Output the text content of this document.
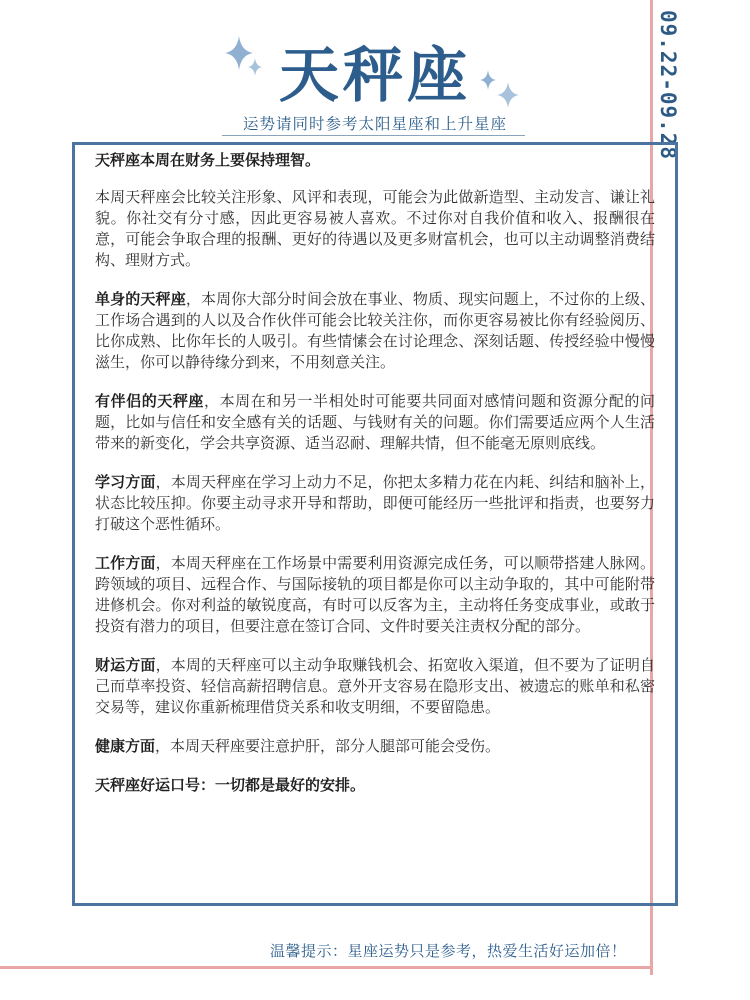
09.22-09.28
天秤座
运势请同时参考太阳星座和上升星座

天秤座本周在财务上要保持理智。

本周天秤座会比较关注形象、风评和表现，可能会为此做新造型、主动发言、谦让礼貌。你社交有分寸感，因此更容易被人喜欢。不过你对自我价值和收入、报酬很在意，可能会争取合理的报酬、更好的待遇以及更多财富机会，也可以主动调整消费结构、理财方式。

单身的天秤座，本周你大部分时间会放在事业、物质、现实问题上，不过你的上级、工作场合遇到的人以及合作伙伴可能会比较关注你，而你更容易被比你有经验阅历、比你成熟、比你年长的人吸引。有些情愫会在讨论理念、深刻话题、传授经验中慢慢滋生，你可以静待缘分到来，不用刻意关注。

有伴侣的天秤座，本周在和另一半相处时可能要共同面对感情问题和资源分配的问题，比如与信任和安全感有关的话题、与钱财有关的问题。你们需要适应两个人生活带来的新变化，学会共享资源、适当忍耐、理解共情，但不能毫无原则底线。

学习方面，本周天秤座在学习上动力不足，你把太多精力花在内耗、纠结和脑补上，状态比较压抑。你要主动寻求开导和帮助，即便可能经历一些批评和指责，也要努力打破这个恶性循环。

工作方面，本周天秤座在工作场景中需要利用资源完成任务，可以顺带搭建人脉网。跨领域的项目、远程合作、与国际接轨的项目都是你可以主动争取的，其中可能附带进修机会。你对利益的敏锐度高，有时可以反客为主，主动将任务变成事业，或敢于投资有潜力的项目，但要注意在签订合同、文件时要关注责权分配的部分。

财运方面，本周的天秤座可以主动争取赚钱机会、拓宽收入渠道，但不要为了证明自己而草率投资、轻信高薪招聘信息。意外开支容易在隐形支出、被遗忘的账单和私密交易等，建议你重新梳理借贷关系和收支明细，不要留隐患。

健康方面，本周天秤座要注意护肝，部分人腿部可能会受伤。

天秤座好运口号：一切都是最好的安排。

温馨提示：星座运势只是参考，热爱生活好运加倍！
